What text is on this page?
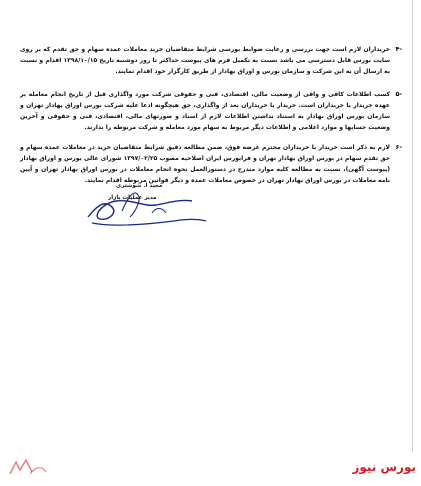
-۴
خریداران لازم است جهت بررسی و رعایت ضوابط بورسی شرایط متقاضیان خرید معاملات عمده سهام و حق تقدم که بر روی سایت بورس قابل دسترسی می باشد نسبت به تکمیل فرم های پیوست حداکثر تا روز دوشنبه تاریخ ۱۳۹۸/۱۰/۱۵ اقدام و نسبت به ارسال آن به این شرکت و سازمان بورس و اوراق بهادار از طریق کارگزار خود اقدام نمایند.
-۵
کسب اطلاعات کافی و وافی از وضعیت مالی، اقتصادی، فنی و حقوقی شرکت مورد واگذاری قبل از تاریخ انجام معامله بر عهده خریدار یا خریداران است. خریدار یا خریداران بعد از واگذاری، حق هیچگونه ادعا علیه شرکت بورس اوراق بهادار تهران و سازمان بورس اوراق بهادار به استناد نداشتن اطلاعات لازم از اسناد و صورتهای مالی، اقتصادی، فنی و حقوقی و آخرین وضعیت حسابها و موارد اعلامی و اطلاعات دیگر مربوط به سهام مورد معامله و شرکت مربوطه را ندارند.
-۶
لازم به ذکر است خریدار یا خریداران محترم عرضه فوق، ضمن مطالعه دقیق شرایط متقاضیان خرید در معاملات عمده سهام و حق تقدم سهام در بورس اوراق بهادار تهران و فرابورس ایران اصلاحیه مصوب ۱۳۹۷/۰۲/۲۵ شورای عالی بورس و اوراق بهادار (پیوست آگهی)، نسبت به مطالعه کلیه موارد مندرج در دستورالعمل نحوه انجام معاملات در بورس اوراق بهادار تهران و آیین نامه معاملات در بورس اوراق بهادار تهران در خصوص معاملات عمده و دیگر قوانین مربوطه اقدام نمایند.
مجید ا. شوشتری
مدیر عملیات بازار
بورس نیوز
